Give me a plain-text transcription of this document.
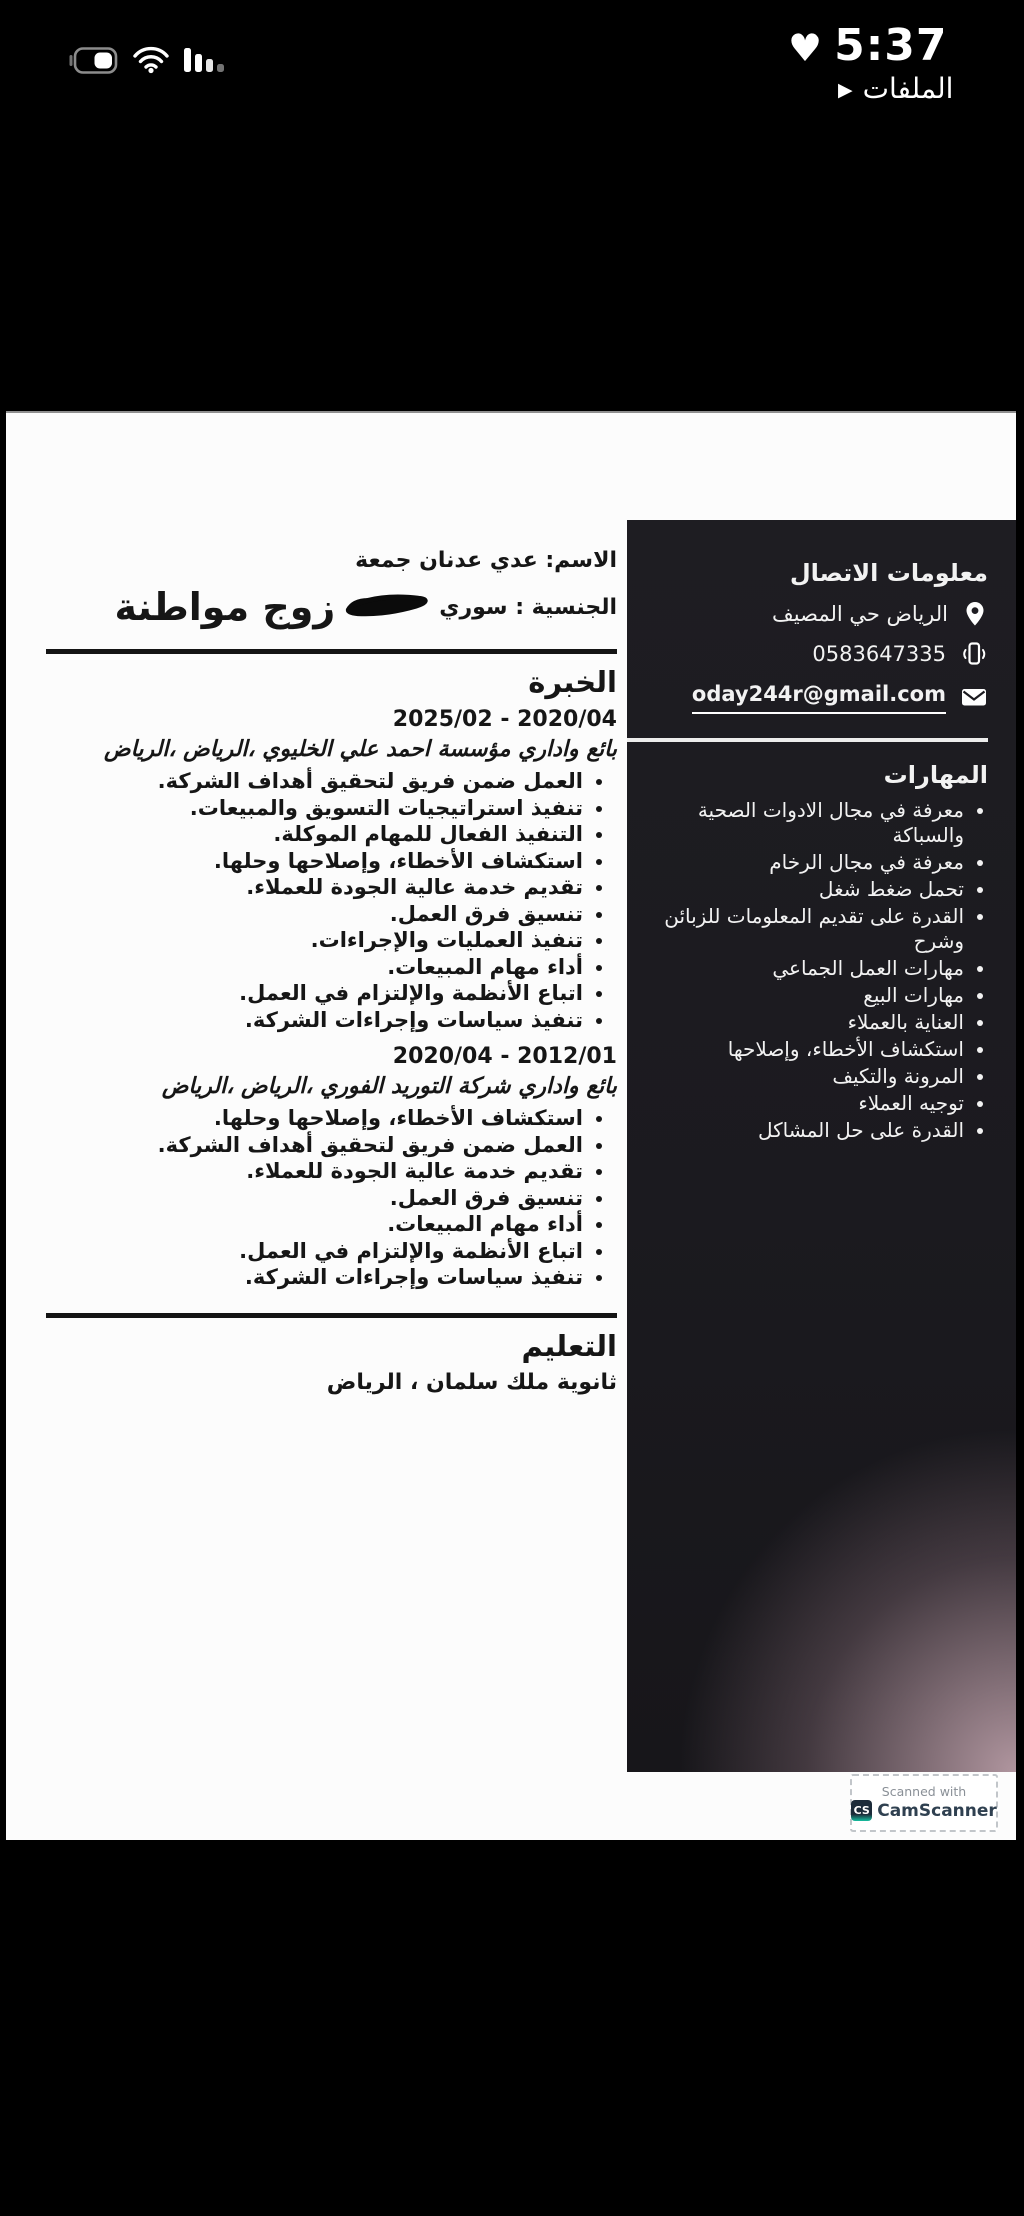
♥ 5:37
▶ الملفات
الاسم: عدي عدنان جمعة
الجنسية : سوري
زوج مواطنة
الخبرة
2020/04 - 2025/02
بائع واداري مؤسسة احمد علي الخليوي ،الرياض ،الرياض
• العمل ضمن فريق لتحقيق أهداف الشركة.
• تنفيذ استراتيجيات التسويق والمبيعات.
• التنفيذ الفعال للمهام الموكلة.
• استكشاف الأخطاء، وإصلاحها وحلها.
• تقديم خدمة عالية الجودة للعملاء.
• تنسيق فرق العمل.
• تنفيذ العمليات والإجراءات.
• أداء مهام المبيعات.
• اتباع الأنظمة والإلتزام في العمل.
• تنفيذ سياسات وإجراءات الشركة.
2012/01 - 2020/04
بائع واداري شركة التوريد الفوري ،الرياض ،الرياض
• استكشاف الأخطاء، وإصلاحها وحلها.
• العمل ضمن فريق لتحقيق أهداف الشركة.
• تقديم خدمة عالية الجودة للعملاء.
• تنسيق فرق العمل.
• أداء مهام المبيعات.
• اتباع الأنظمة والإلتزام في العمل.
• تنفيذ سياسات وإجراءات الشركة.
التعليم
ثانوية ملك سلمان ، الرياض
معلومات الاتصال
الرياض حي المصيف
0583647335
oday244r@gmail.com
المهارات
• معرفة في مجال الادوات الصحية والسباكة
• معرفة في مجال الرخام
• تحمل ضغط شغل
• القدرة على تقديم المعلومات للزبائن وشرح
• مهارات العمل الجماعي
• مهارات البيع
• العناية بالعملاء
• استكشاف الأخطاء، وإصلاحها
• المرونة والتكيف
• توجيه العملاء
• القدرة على حل المشاكل
Scanned with
CS CamScanner
